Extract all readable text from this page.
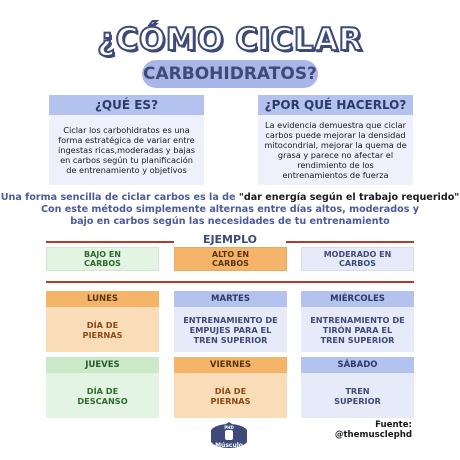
¿CÓMO CICLAR
CARBOHIDRATOS?
¿QUÉ ES?
Ciclar los carbohidratos es una forma estratégica de variar entre ingestas ricas,moderadas y bajas en carbos según tu planificación de entrenamiento y objetivos
¿POR QUÉ HACERLO?
La evidencia demuestra que ciclar carbos puede mejorar la densidad mitocondrial, mejorar la quema de grasa y parece no afectar el rendimiento de los entrenamientos de fuerza
Una forma sencilla de ciclar carbos es la de "dar energía según el trabajo requerido"
Con este método simplemente alternas entre días altos, moderados y
bajo en carbos según las necesidades de tu entrenamiento
EJEMPLO
BAJO EN
CARBOS
ALTO EN
CARBOS
MODERADO EN
CARBOS
LUNES
DÍA DE
PIERNAS
MARTES
ENTRENAMIENTO DE
EMPUJES PARA EL
TREN SUPERIOR
MIÉRCOLES
ENTRENAMIENTO DE
TIRÓN PARA EL
TREN SUPERIOR
JUEVES
DÍA DE
DESCANSO
VIERNES
DÍA DE
PIERNAS
SÁBADO
TREN
SUPERIOR
PHD
Músculo
Fuente:
@themusclephd
